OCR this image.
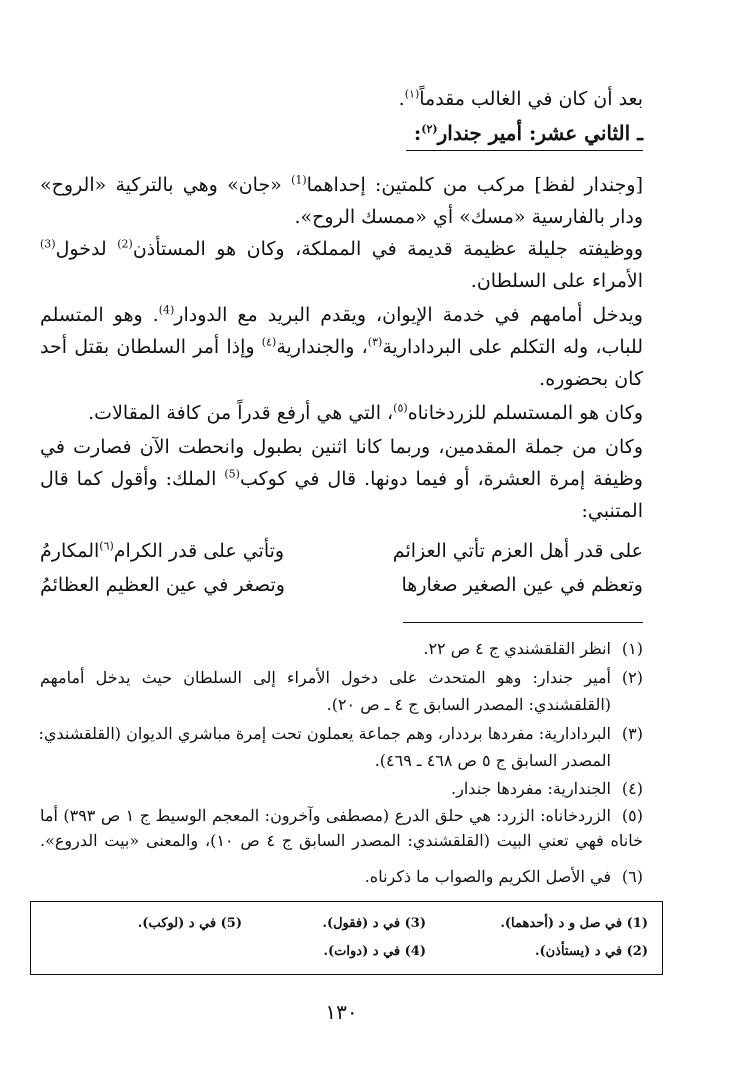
بعد أن كان في الغالب مقدماً$^{(١)}$.
ـ الثاني عشر: أمير جندار$^{(٢)}$:
[وجندار لفظ] مركب من كلمتين: إحداهما$^{(1)}$ «جان» وهي بالتركية «الروح»
ودار بالفارسية «مسك» أي «ممسك الروح».
ووظيفته جليلة عظيمة قديمة في المملكة، وكان هو المستأذن$^{(2)}$ لدخول$^{(3)}$
الأمراء على السلطان.
ويدخل أمامهم في خدمة الإيوان، ويقدم البريد مع الدودار$^{(4)}$. وهو المتسلم
للباب، وله التكلم على البردادارية$^{(٣)}$، والجندارية$^{(٤)}$ وإذا أمر السلطان بقتل أحد
كان بحضوره.
وكان هو المستسلم للزردخاناه$^{(٥)}$، التي هي أرفع قدراً من كافة المقالات.
وكان من جملة المقدمين، وربما كانا اثنين بطبول وانحطت الآن فصارت في
وظيفة إمرة العشرة، أو فيما دونها. قال في كوكب$^{(5)}$ الملك: وأقول كما قال
المتنبي:
على قدر أهل العزم تأتي العزائم
وتأتي على قدر الكرام$^{(٦)}$المكارمُ
وتعظم في عين الصغير صغارها
وتصغر في عين العظيم العظائمُ
(١)
انظر القلقشندي ج ٤ ص ٢٢.
(٢)
أمير جندار: وهو المتحدث على دخول الأمراء إلى السلطان حيث يدخل أمامهم
(القلقشندي: المصدر السابق ج ٤ ـ ص ٢٠).
(٣)
البردادارية: مفردها برددار، وهم جماعة يعملون تحت إمرة مباشري الديوان (القلقشندي:
المصدر السابق ج ٥ ص ٤٦٨ ـ ٤٦٩).
(٤)
الجندارية: مفردها جندار.
(٥)
الزردخاناه: الزرد: هي حلق الدرع (مصطفى وآخرون: المعجم الوسيط ج ١ ص ٣٩٣) أما
خاناه فهي تعني البيت (القلقشندي: المصدر السابق ج ٤ ص ١٠)، والمعنى «بيت الدروع».
(٦)
في الأصل الكريم والصواب ما ذكرناه.
(1) في صل و د (أحدهما).
(2) في د (يستأذن).
(3) في د (فقول).
(4) في د (دوات).
(5) في د (لوكب).
١٣٠
